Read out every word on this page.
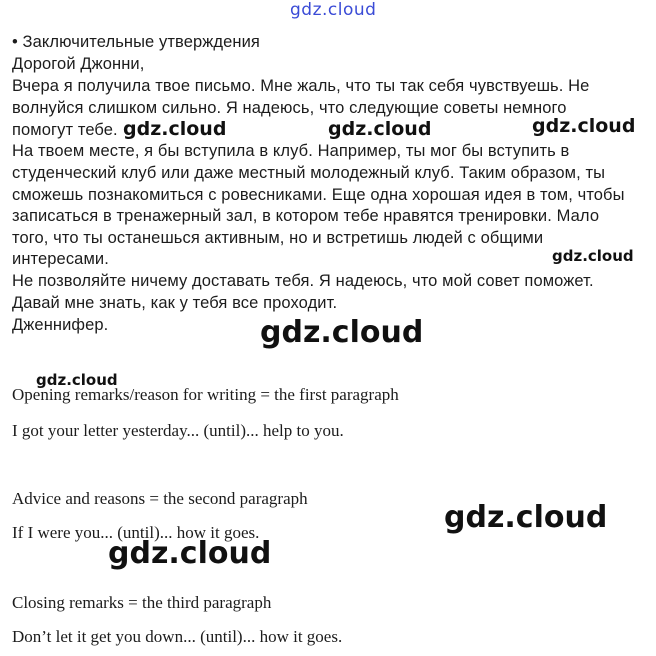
• Заключительные утверждения
Дорогой Джонни,
Вчера я получила твое письмо. Мне жаль, что ты так себя чувствуешь. Не
волнуйся слишком сильно. Я надеюсь, что следующие советы немного
помогут тебе.
На твоем месте, я бы вступила в клуб. Например, ты мог бы вступить в
студенческий клуб или даже местный молодежный клуб. Таким образом, ты
сможешь познакомиться с ровесниками. Еще одна хорошая идея в том, чтобы
записаться в тренажерный зал, в котором тебе нравятся тренировки. Мало
того, что ты останешься активным, но и встретишь людей с общими
интересами.
Не позволяйте ничему доставать тебя. Я надеюсь, что мой совет поможет.
Давай мне знать, как у тебя все проходит.
Дженнифер.
Opening remarks/reason for writing = the first paragraph
I got your letter yesterday... (until)... help to you.
Advice and reasons = the second paragraph
If I were you... (until)... how it goes.
Closing remarks = the third paragraph
Don’t let it get you down... (until)... how it goes.
gdz.cloud
gdz.cloud	gdz.cloud	gdz.cloud
gdz.cloud
gdz.cloud
gdz.cloud
gdz.cloud
gdz.cloud
